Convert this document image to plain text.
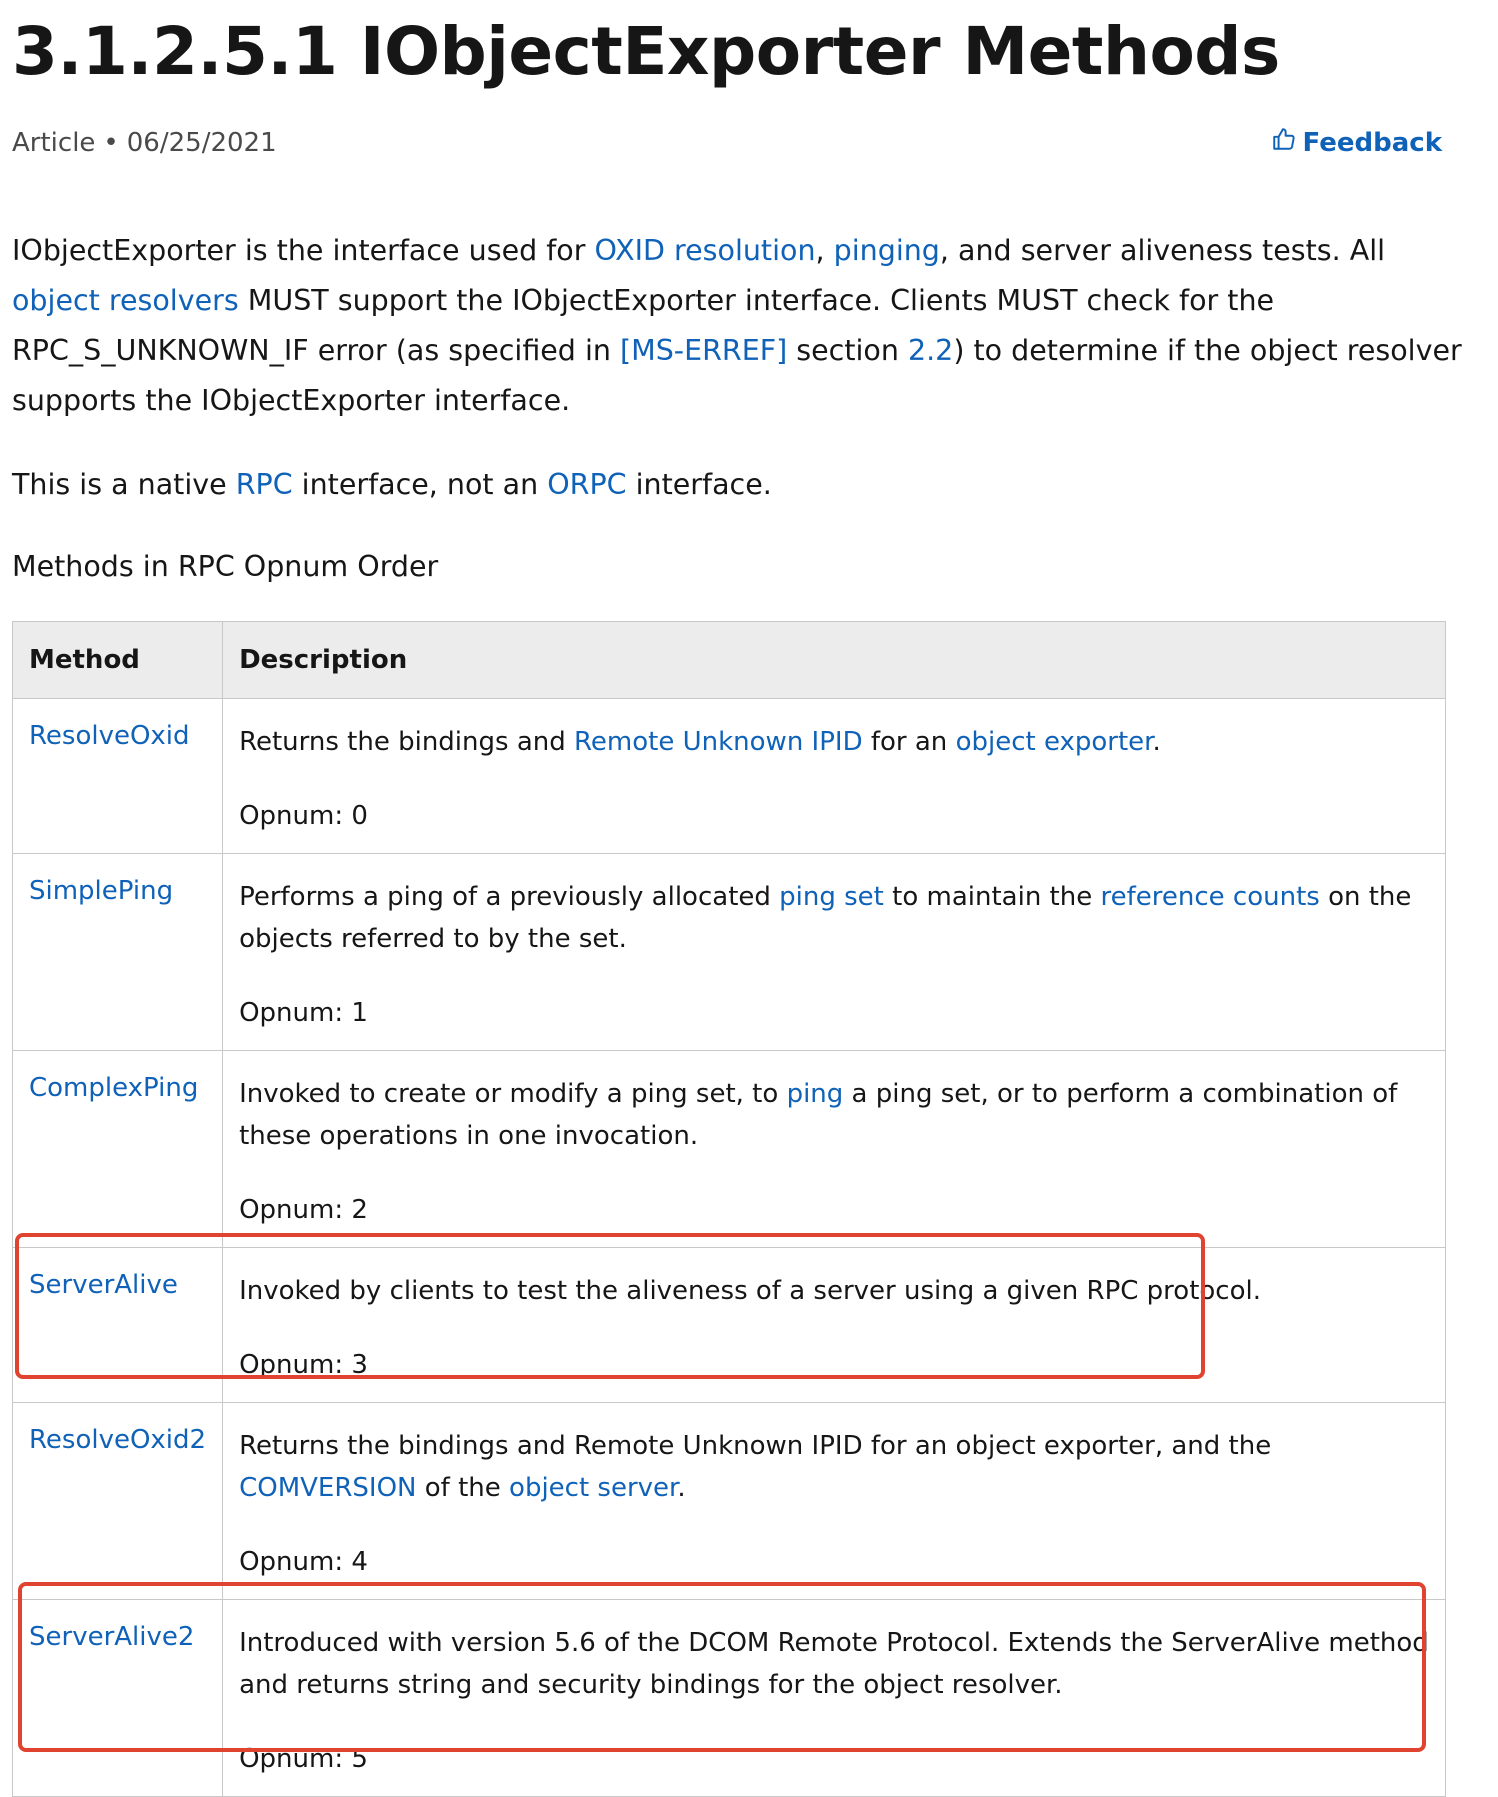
3.1.2.5.1 IObjectExporter Methods
Article • 06/25/2021	Feedback

IObjectExporter is the interface used for OXID resolution, pinging, and server aliveness tests. All object resolvers MUST support the IObjectExporter interface. Clients MUST check for the RPC_S_UNKNOWN_IF error (as specified in [MS-ERREF] section 2.2) to determine if the object resolver supports the IObjectExporter interface.

This is a native RPC interface, not an ORPC interface.

Methods in RPC Opnum Order

Method	Description
ResolveOxid	Returns the bindings and Remote Unknown IPID for an object exporter.

Opnum: 0

SimplePing	Performs a ping of a previously allocated ping set to maintain the reference counts on the objects referred to by the set.

Opnum: 1

ComplexPing	Invoked to create or modify a ping set, to ping a ping set, or to perform a combination of these operations in one invocation.

Opnum: 2

ServerAlive	Invoked by clients to test the aliveness of a server using a given RPC protocol.

Opnum: 3

ResolveOxid2	Returns the bindings and Remote Unknown IPID for an object exporter, and the COMVERSION of the object server.

Opnum: 4

ServerAlive2	Introduced with version 5.6 of the DCOM Remote Protocol. Extends the ServerAlive method and returns string and security bindings for the object resolver.

Opnum: 5
